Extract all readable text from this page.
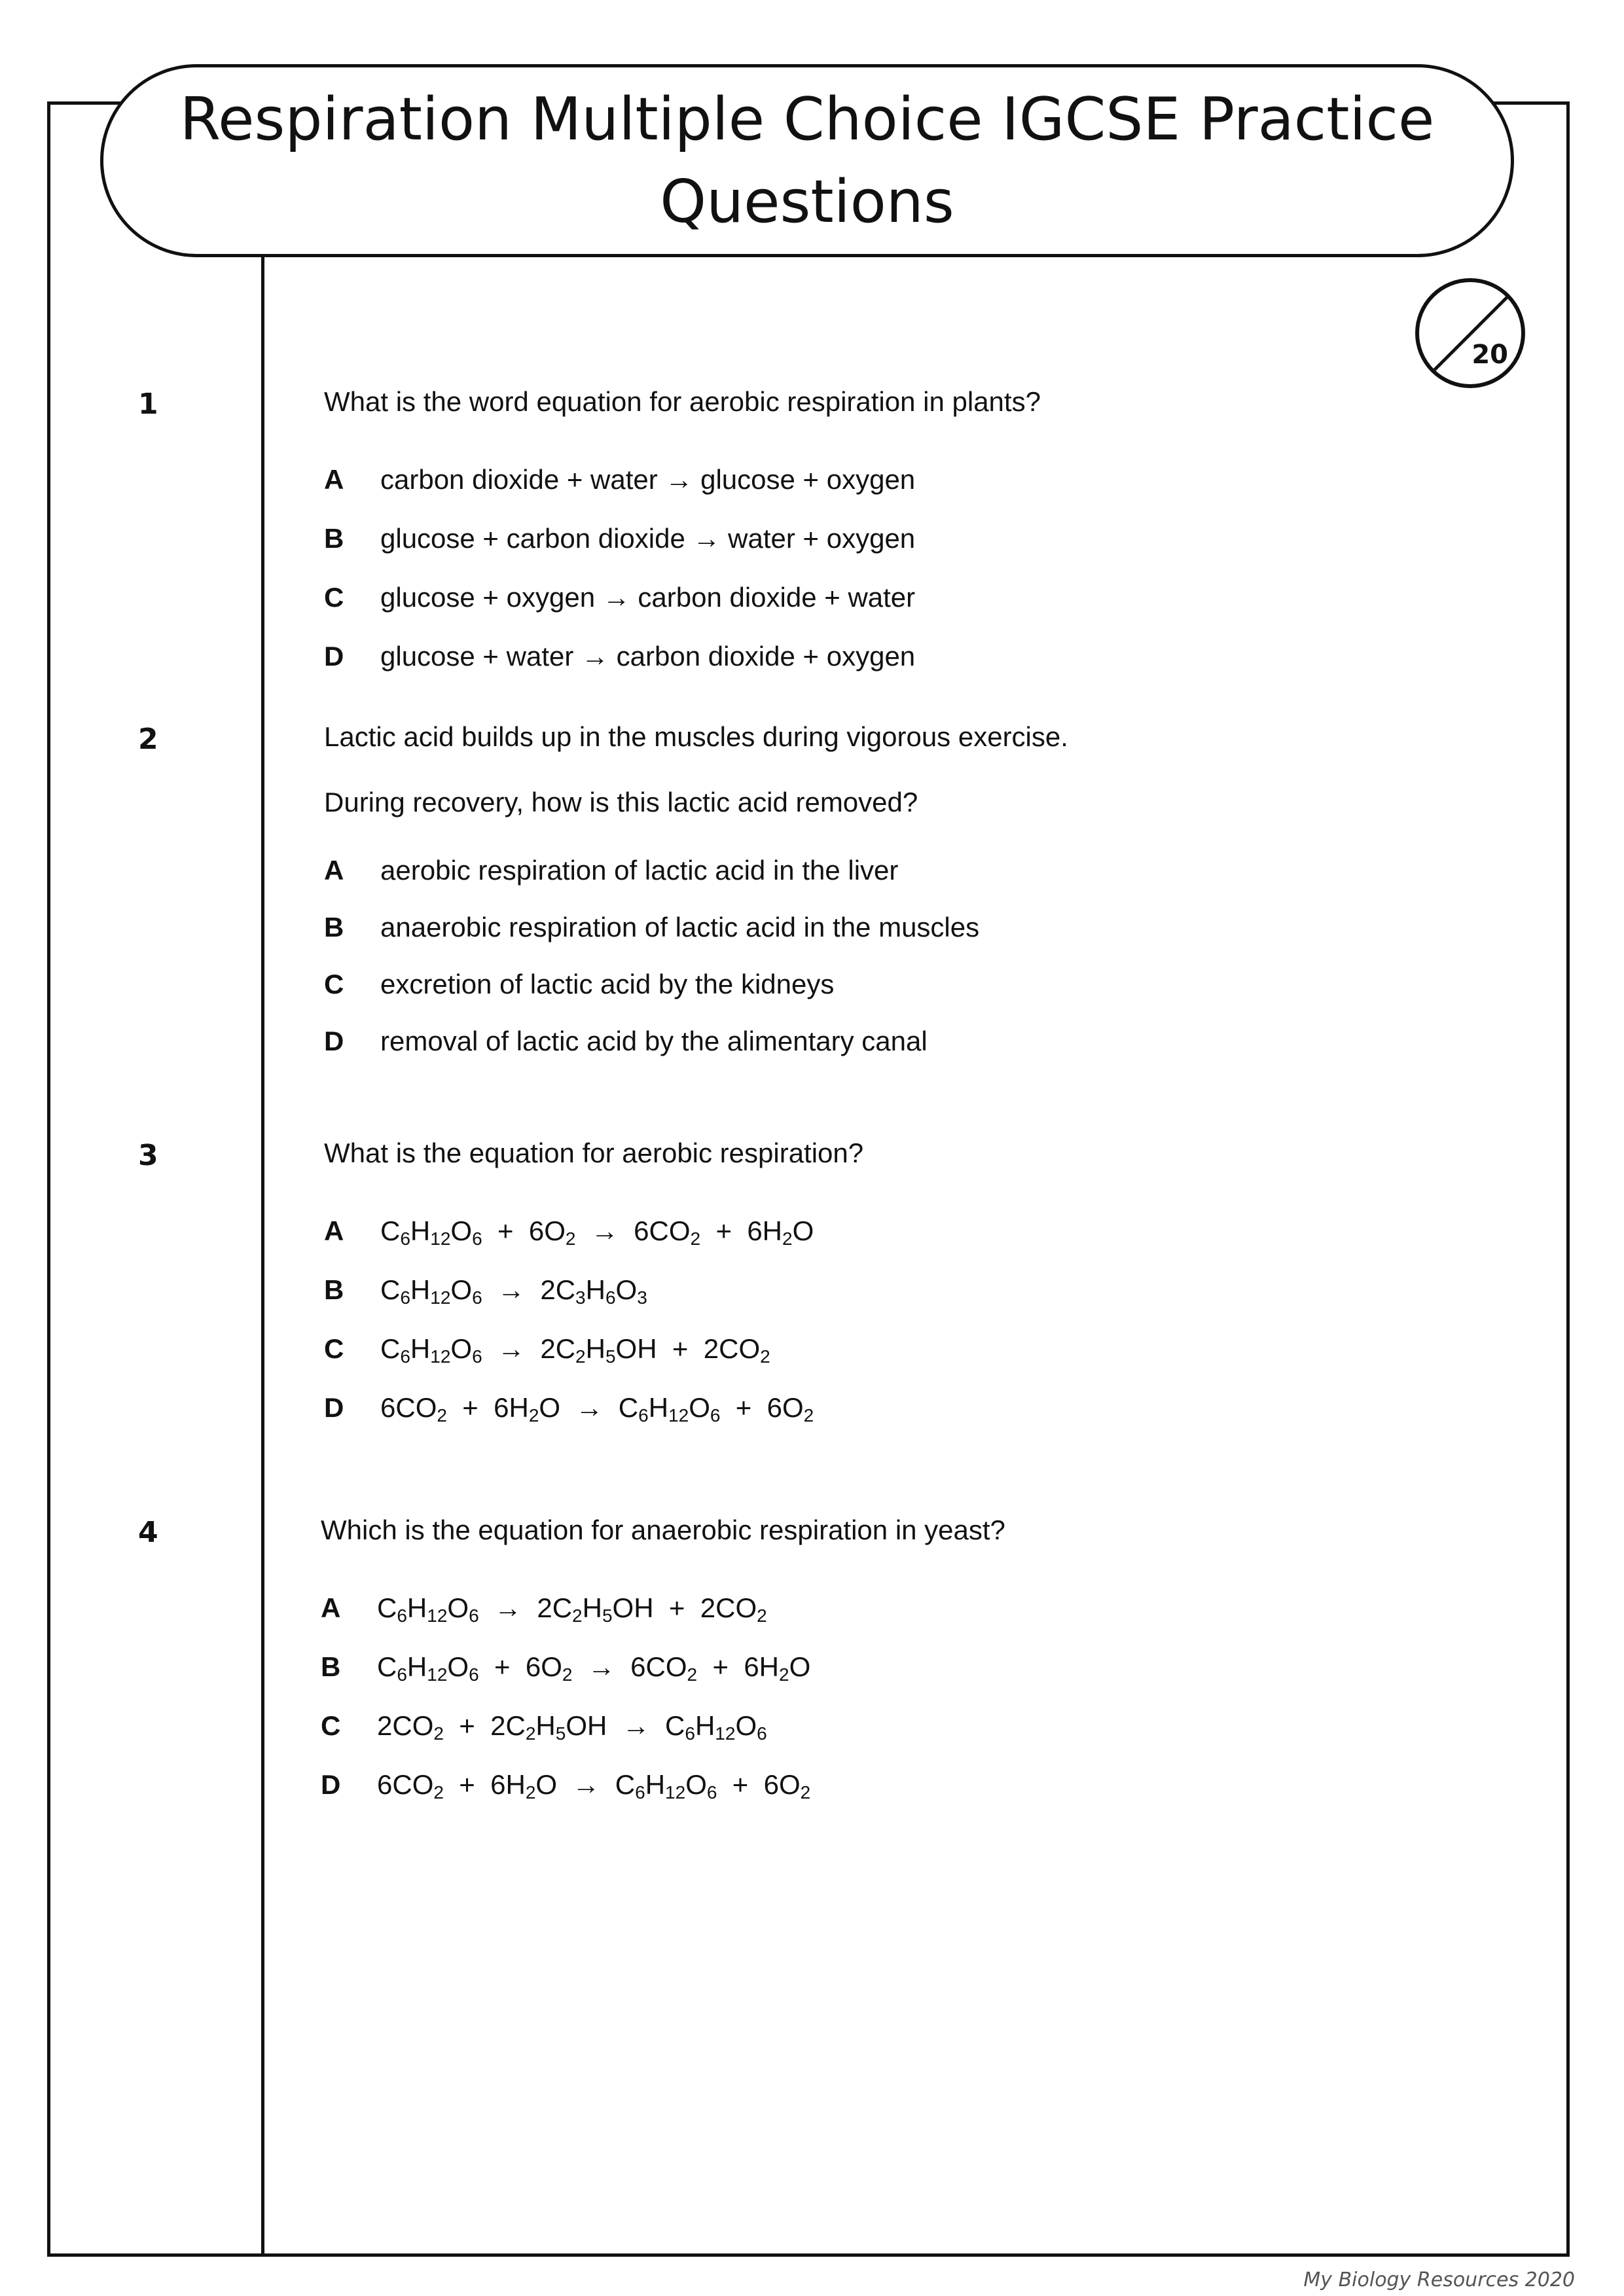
Respiration Multiple Choice IGCSE Practice Questions
20
1	What is the word equation for aerobic respiration in plants?
A	carbon dioxide + water → glucose + oxygen
B	glucose + carbon dioxide → water + oxygen
C	glucose + oxygen → carbon dioxide + water
D	glucose + water → carbon dioxide + oxygen
2	Lactic acid builds up in the muscles during vigorous exercise.
During recovery, how is this lactic acid removed?
A	aerobic respiration of lactic acid in the liver
B	anaerobic respiration of lactic acid in the muscles
C	excretion of lactic acid by the kidneys
D	removal of lactic acid by the alimentary canal
3	What is the equation for aerobic respiration?
A	$C_6H_{12}O_6 + 6O_2 \to 6CO_2 + 6H_2O$
B	$C_6H_{12}O_6 \to 2C_3H_6O_3$
C	$C_6H_{12}O_6 \to 2C_2H_5OH + 2CO_2$
D	$6CO_2 + 6H_2O \to C_6H_{12}O_6 + 6O_2$
4	Which is the equation for anaerobic respiration in yeast?
A	$C_6H_{12}O_6 \to 2C_2H_5OH + 2CO_2$
B	$C_6H_{12}O_6 + 6O_2 \to 6CO_2 + 6H_2O$
C	$2CO_2 + 2C_2H_5OH \to C_6H_{12}O_6$
D	$6CO_2 + 6H_2O \to C_6H_{12}O_6 + 6O_2$
My Biology Resources 2020
